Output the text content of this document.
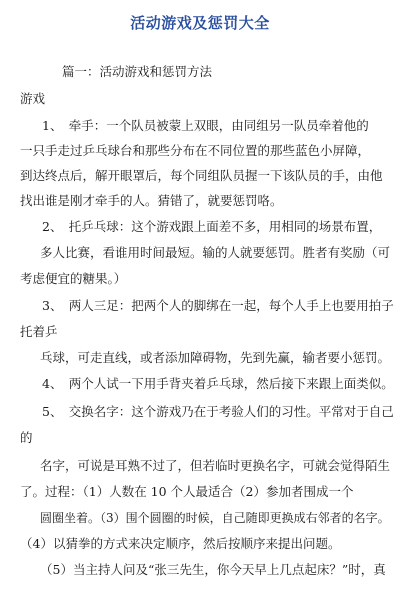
活动游戏及惩罚大全
篇一：活动游戏和惩罚方法
游戏
1、　牵手：一个队员被蒙上双眼，由同组另一队员牵着他的
一只手走过乒乓球台和那些分布在不同位置的那些蓝色小屏障，
到达终点后，解开眼罩后，每个同组队员握一下该队员的手，由他
找出谁是刚才牵手的人。猜错了，就要惩罚咯。
2、　托乒乓球：这个游戏跟上面差不多，用相同的场景布置，
多人比赛，看谁用时间最短。输的人就要惩罚。胜者有奖励（可
考虑便宜的糖果。）
3、　两人三足：把两个人的脚绑在一起，每个人手上也要用拍子
托着乒
乓球，可走直线，或者添加障碍物，先到先赢，输者要小惩罚。
4、　两个人试一下用手背夹着乒乓球，然后接下来跟上面类似。
5、　交换名字：这个游戏乃在于考验人们的习性。平常对于自己
的
名字，可说是耳熟不过了，但若临时更换名字，可就会觉得陌生
了。过程：（1）人数在 10 个人最适合（2）参加者围成一个
圆圈坐着。（3）围个圆圈的时候，自己随即更换成右邻者的名字。
（4）以猜拳的方式来决定顺序，然后按顺序来提出问题。
（5）当主持人问及“张三先生，你今天早上几点起床？”时，真
